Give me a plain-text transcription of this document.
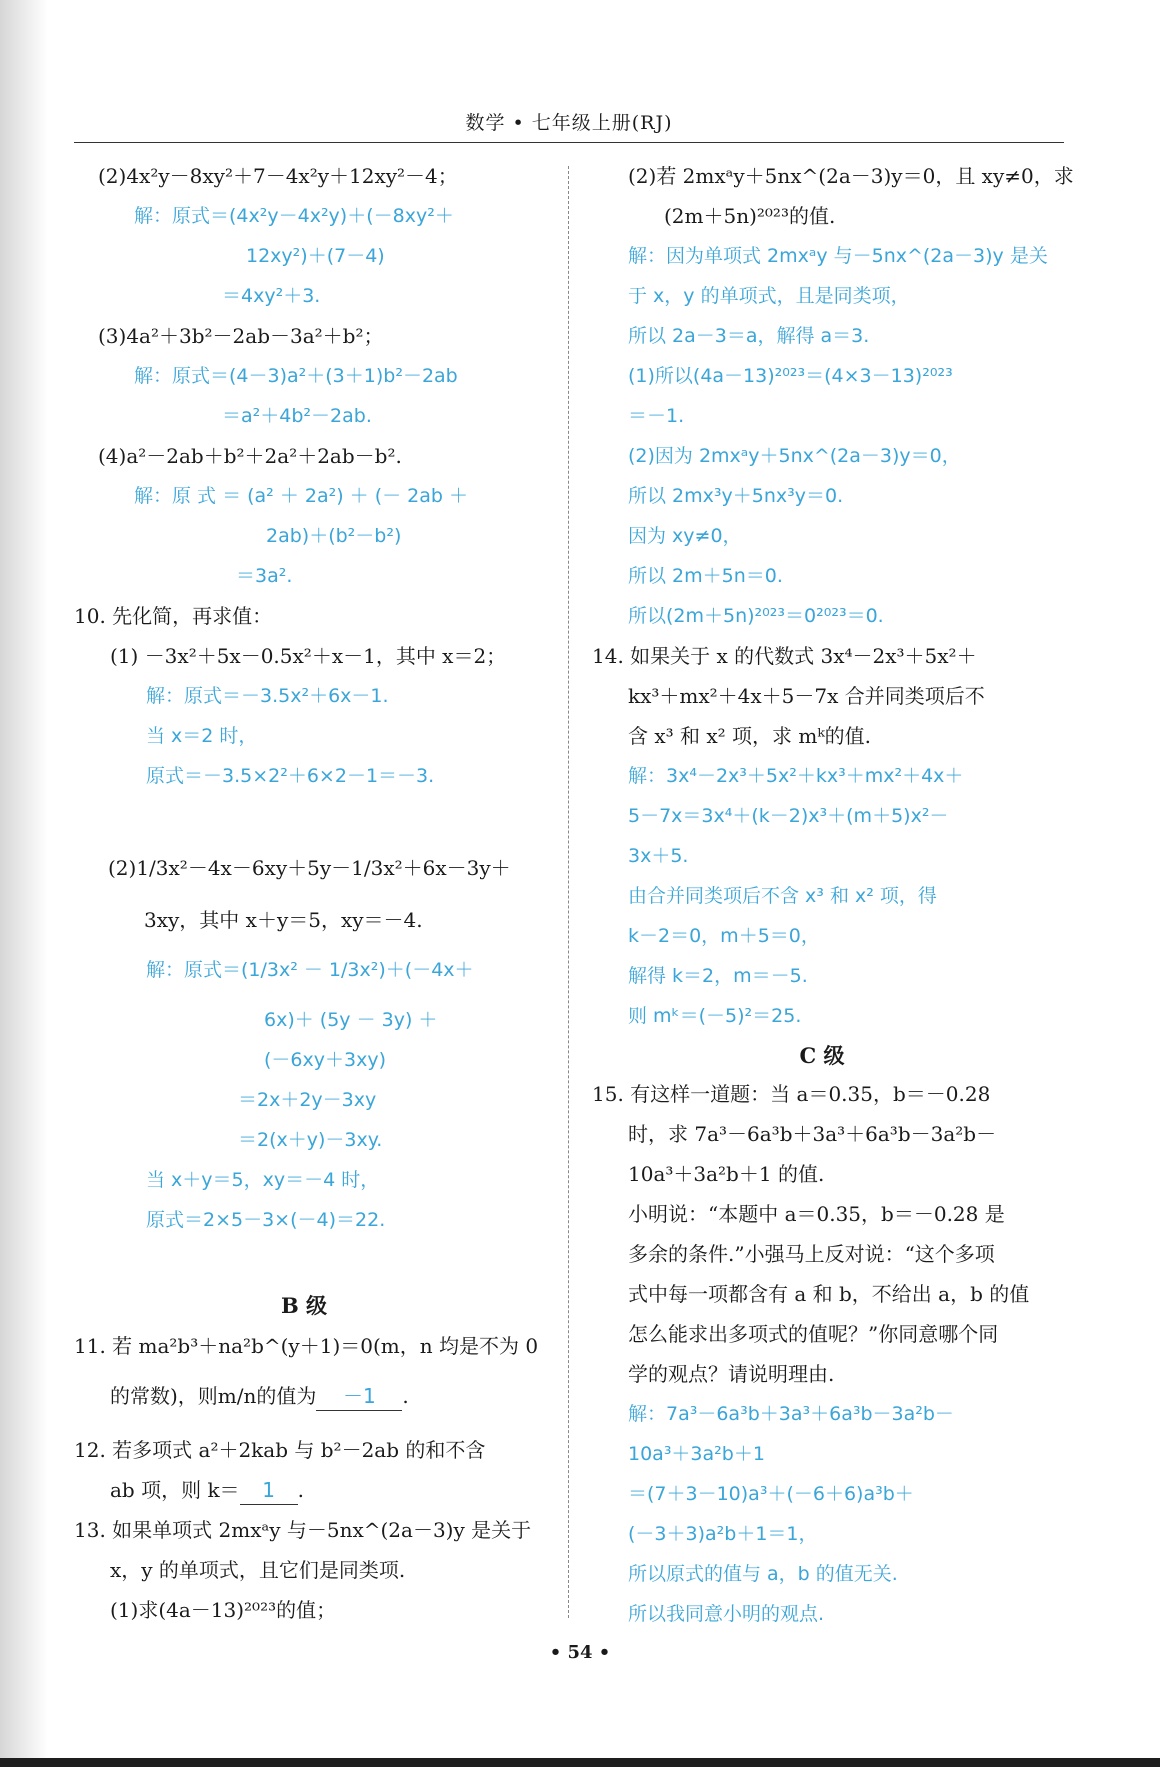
数学 • 七年级上册(RJ)
(2)4x²y－8xy²＋7－4x²y＋12xy²－4；
解：原式＝(4x²y－4x²y)＋(－8xy²＋
12xy²)＋(7－4)
＝4xy²＋3.
(3)4a²＋3b²－2ab－3a²＋b²；
解：原式＝(4－3)a²＋(3＋1)b²－2ab
＝a²＋4b²－2ab.
(4)a²－2ab＋b²＋2a²＋2ab－b².
解：原 式 ＝ (a² ＋ 2a²) ＋ (－ 2ab ＋
2ab)＋(b²－b²)
＝3a².
10. 先化简，再求值：
(1) －3x²＋5x－0.5x²＋x－1，其中 x＝2；
解：原式＝－3.5x²＋6x－1.
当 x＝2 时，
原式＝－3.5×2²＋6×2－1＝－3.
(2)1/3x²－4x－6xy＋5y－1/3x²＋6x－3y＋
3xy，其中 x＋y＝5，xy＝－4.
解：原式＝(1/3x² － 1/3x²)＋(－4x＋
6x)＋ (5y － 3y) ＋
(－6xy＋3xy)
＝2x＋2y－3xy
＝2(x＋y)－3xy.
当 x＋y＝5，xy＝－4 时，
原式＝2×5－3×(－4)＝22.
B 级
11. 若 ma²b³＋na²b^(y＋1)＝0(m，n 均是不为 0
的常数)，则m/n的值为 －1 .
12. 若多项式 a²＋2kab 与 b²－2ab 的和不含
ab 项，则 k＝ 1 .
13. 如果单项式 2mxᵃy 与－5nx^(2a－3)y 是关于
x，y 的单项式，且它们是同类项.
(1)求(4a－13)²⁰²³的值；
(2)若 2mxᵃy＋5nx^(2a－3)y＝0，且 xy≠0，求
(2m＋5n)²⁰²³的值.
解：因为单项式 2mxᵃy 与－5nx^(2a－3)y 是关
于 x，y 的单项式，且是同类项，
所以 2a－3＝a，解得 a＝3.
(1)所以(4a－13)²⁰²³＝(4×3－13)²⁰²³
＝－1.
(2)因为 2mxᵃy＋5nx^(2a－3)y＝0，
所以 2mx³y＋5nx³y＝0.
因为 xy≠0，
所以 2m＋5n＝0.
所以(2m＋5n)²⁰²³＝0²⁰²³＝0.
14. 如果关于 x 的代数式 3x⁴－2x³＋5x²＋
kx³＋mx²＋4x＋5－7x 合并同类项后不
含 x³ 和 x² 项，求 mᵏ的值.
解：3x⁴－2x³＋5x²＋kx³＋mx²＋4x＋
5－7x＝3x⁴＋(k－2)x³＋(m＋5)x²－
3x＋5.
由合并同类项后不含 x³ 和 x² 项，得
k－2＝0，m＋5＝0，
解得 k＝2，m＝－5.
则 mᵏ＝(－5)²＝25.
C 级
15. 有这样一道题：当 a＝0.35，b＝－0.28
时，求 7a³－6a³b＋3a³＋6a³b－3a²b－
10a³＋3a²b＋1 的值.
小明说：“本题中 a＝0.35，b＝－0.28 是
多余的条件.”小强马上反对说：“这个多项
式中每一项都含有 a 和 b，不给出 a，b 的值
怎么能求出多项式的值呢？”你同意哪个同
学的观点？请说明理由.
解：7a³－6a³b＋3a³＋6a³b－3a²b－
10a³＋3a²b＋1
＝(7＋3－10)a³＋(－6＋6)a³b＋
(－3＋3)a²b＋1＝1，
所以原式的值与 a，b 的值无关.
所以我同意小明的观点.
• 54 •
